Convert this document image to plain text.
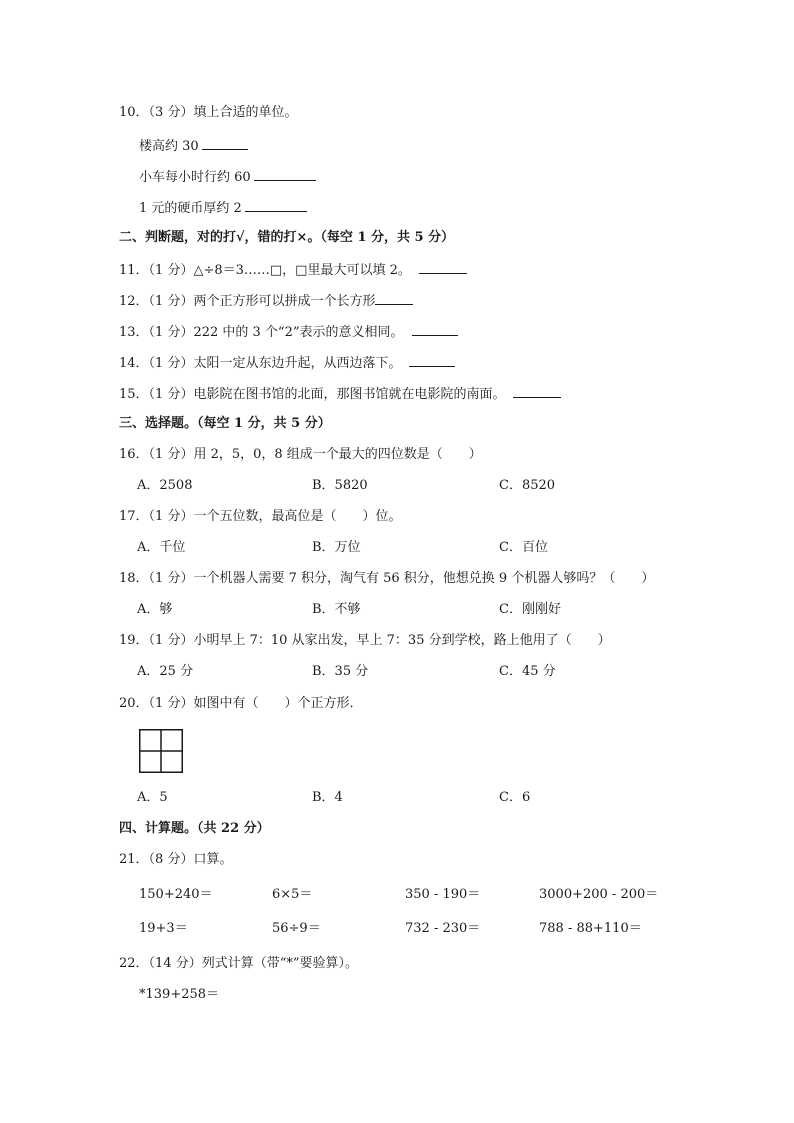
10．（3 分）填上合适的单位。
楼高约 30
小车每小时行约 60
1 元的硬币厚约 2
二、判断题，对的打√，错的打×。（每空 1 分，共 5 分）
11．（1 分）△÷8＝3……□，□里最大可以填 2。
12．（1 分）两个正方形可以拼成一个长方形
13．（1 分）222 中的 3 个“2”表示的意义相同。
14．（1 分）太阳一定从东边升起，从西边落下。
15．（1 分）电影院在图书馆的北面，那图书馆就在电影院的南面。
三、选择题。（每空 1 分，共 5 分）
16．（1 分）用 2，5，0，8 组成一个最大的四位数是（　　）
A．2508	B．5820	C．8520
17．（1 分）一个五位数，最高位是（　　）位。
A．千位	B．万位	C．百位
18．（1 分）一个机器人需要 7 积分，淘气有 56 积分，他想兑换 9 个机器人够吗？（　　）
A．够	B．不够	C．刚刚好
19．（1 分）小明早上 7：10 从家出发，早上 7：35 分到学校，路上他用了（　　）
A．25 分	B．35 分	C．45 分
20．（1 分）如图中有（　　）个正方形．
A．5	B．4	C．6
四、计算题。（共 22 分）
21．（8 分）口算。
150+240＝	6×5＝	350 - 190＝	3000+200 - 200＝
19+3＝	56÷9＝	732 - 230＝	788 - 88+110＝
22．（14 分）列式计算（带“*”要验算）。
*139+258＝
